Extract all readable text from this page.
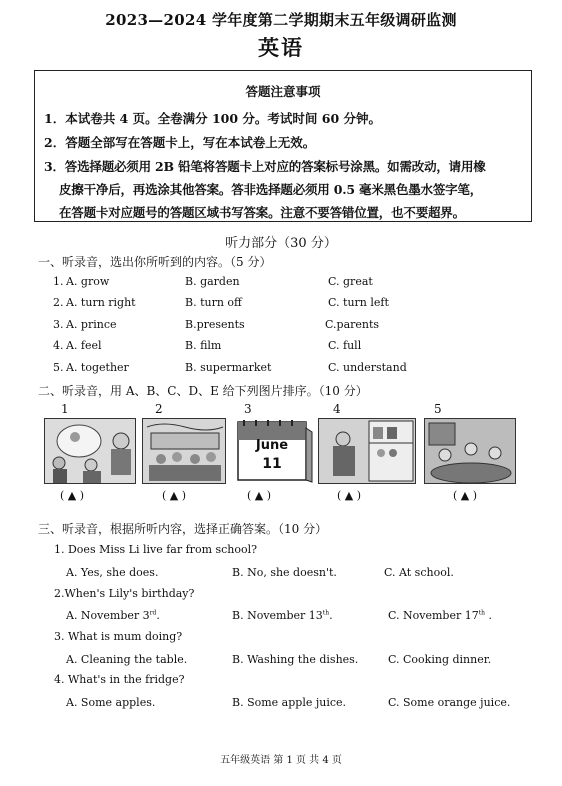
2023—2024 学年度第二学期期末五年级调研监测
英语
答题注意事项
1．本试卷共 4 页。全卷满分 100 分。考试时间 60 分钟。
2．答题全部写在答题卡上，写在本试卷上无效。
3．答选择题必须用 2B 铅笔将答题卡上对应的答案标号涂黑。如需改动，请用橡
皮擦干净后，再选涂其他答案。答非选择题必须用 0.5 毫米黑色墨水签字笔，
在答题卡对应题号的答题区域书写答案。注意不要答错位置，也不要超界。
听力部分（30 分）
一、听录音，选出你所听到的内容。（5 分）
1. A. grow	B. garden	C. great
2. A. turn right	B. turn off	C. turn left
3. A. prince	B.presents	C.parents
4. A. feel	B. film	C. full
5. A. together	B. supermarket	C. understand
二、听录音，用 A、B、C、D、E 给下列图片排序。（10 分）
1	2	3	4	5
June
11
( ▲ )	( ▲ )	( ▲ )	( ▲ )	( ▲ )
三、听录音，根据所听内容，选择正确答案。（10 分）
1. Does Miss Li live far from school?
A. Yes, she does.	B. No, she doesn't.	C. At school.
2.When's Lily's birthday?
A. November 3rd.	B. November 13th.	C. November 17th .
3. What is mum doing?
A. Cleaning the table.	B. Washing the dishes.	C. Cooking dinner.
4. What's in the fridge?
A. Some apples.	B. Some apple juice.	C. Some orange juice.
五年级英语 第 1 页 共 4 页
